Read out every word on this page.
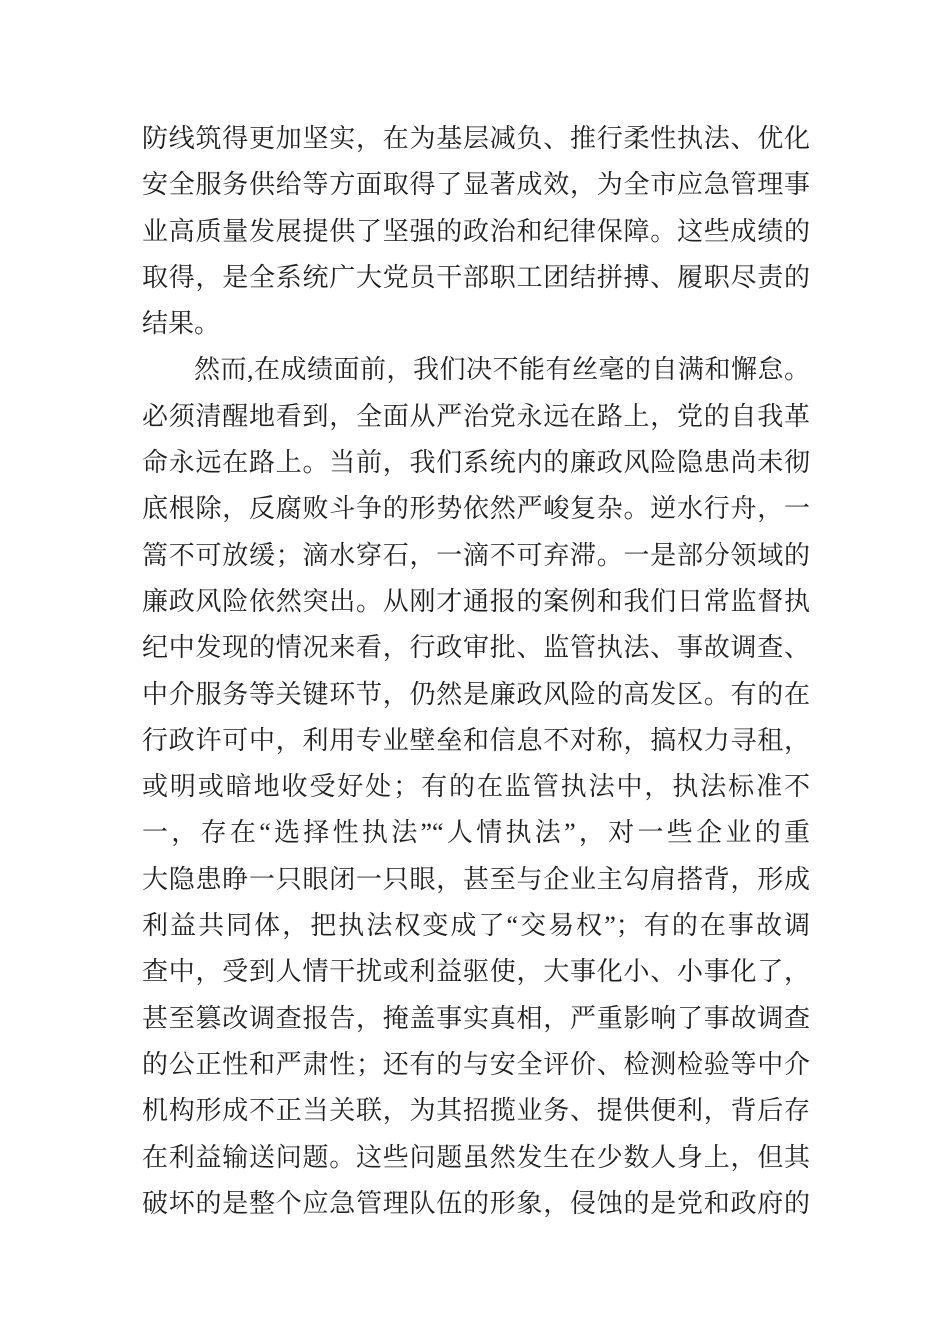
防线筑得更加坚实，在为基层减负、推行柔性执法、优化
安全服务供给等方面取得了显著成效，为全市应急管理事
业高质量发展提供了坚强的政治和纪律保障。这些成绩的
取得，是全系统广大党员干部职工团结拼搏、履职尽责的
结果。
然而,在成绩面前，我们决不能有丝毫的自满和懈怠。
必须清醒地看到，全面从严治党永远在路上，党的自我革
命永远在路上。当前，我们系统内的廉政风险隐患尚未彻
底根除，反腐败斗争的形势依然严峻复杂。逆水行舟，一
篙不可放缓；滴水穿石，一滴不可弃滞。一是部分领域的
廉政风险依然突出。从刚才通报的案例和我们日常监督执
纪中发现的情况来看，行政审批、监管执法、事故调查、
中介服务等关键环节，仍然是廉政风险的高发区。有的在
行政许可中，利用专业壁垒和信息不对称，搞权力寻租，
或明或暗地收受好处；有的在监管执法中，执法标准不
一，存在“选择性执法”“人情执法”，对一些企业的重
大隐患睁一只眼闭一只眼，甚至与企业主勾肩搭背，形成
利益共同体，把执法权变成了“交易权”；有的在事故调
查中，受到人情干扰或利益驱使，大事化小、小事化了，
甚至篡改调查报告，掩盖事实真相，严重影响了事故调查
的公正性和严肃性；还有的与安全评价、检测检验等中介
机构形成不正当关联，为其招揽业务、提供便利，背后存
在利益输送问题。这些问题虽然发生在少数人身上，但其
破坏的是整个应急管理队伍的形象，侵蚀的是党和政府的
